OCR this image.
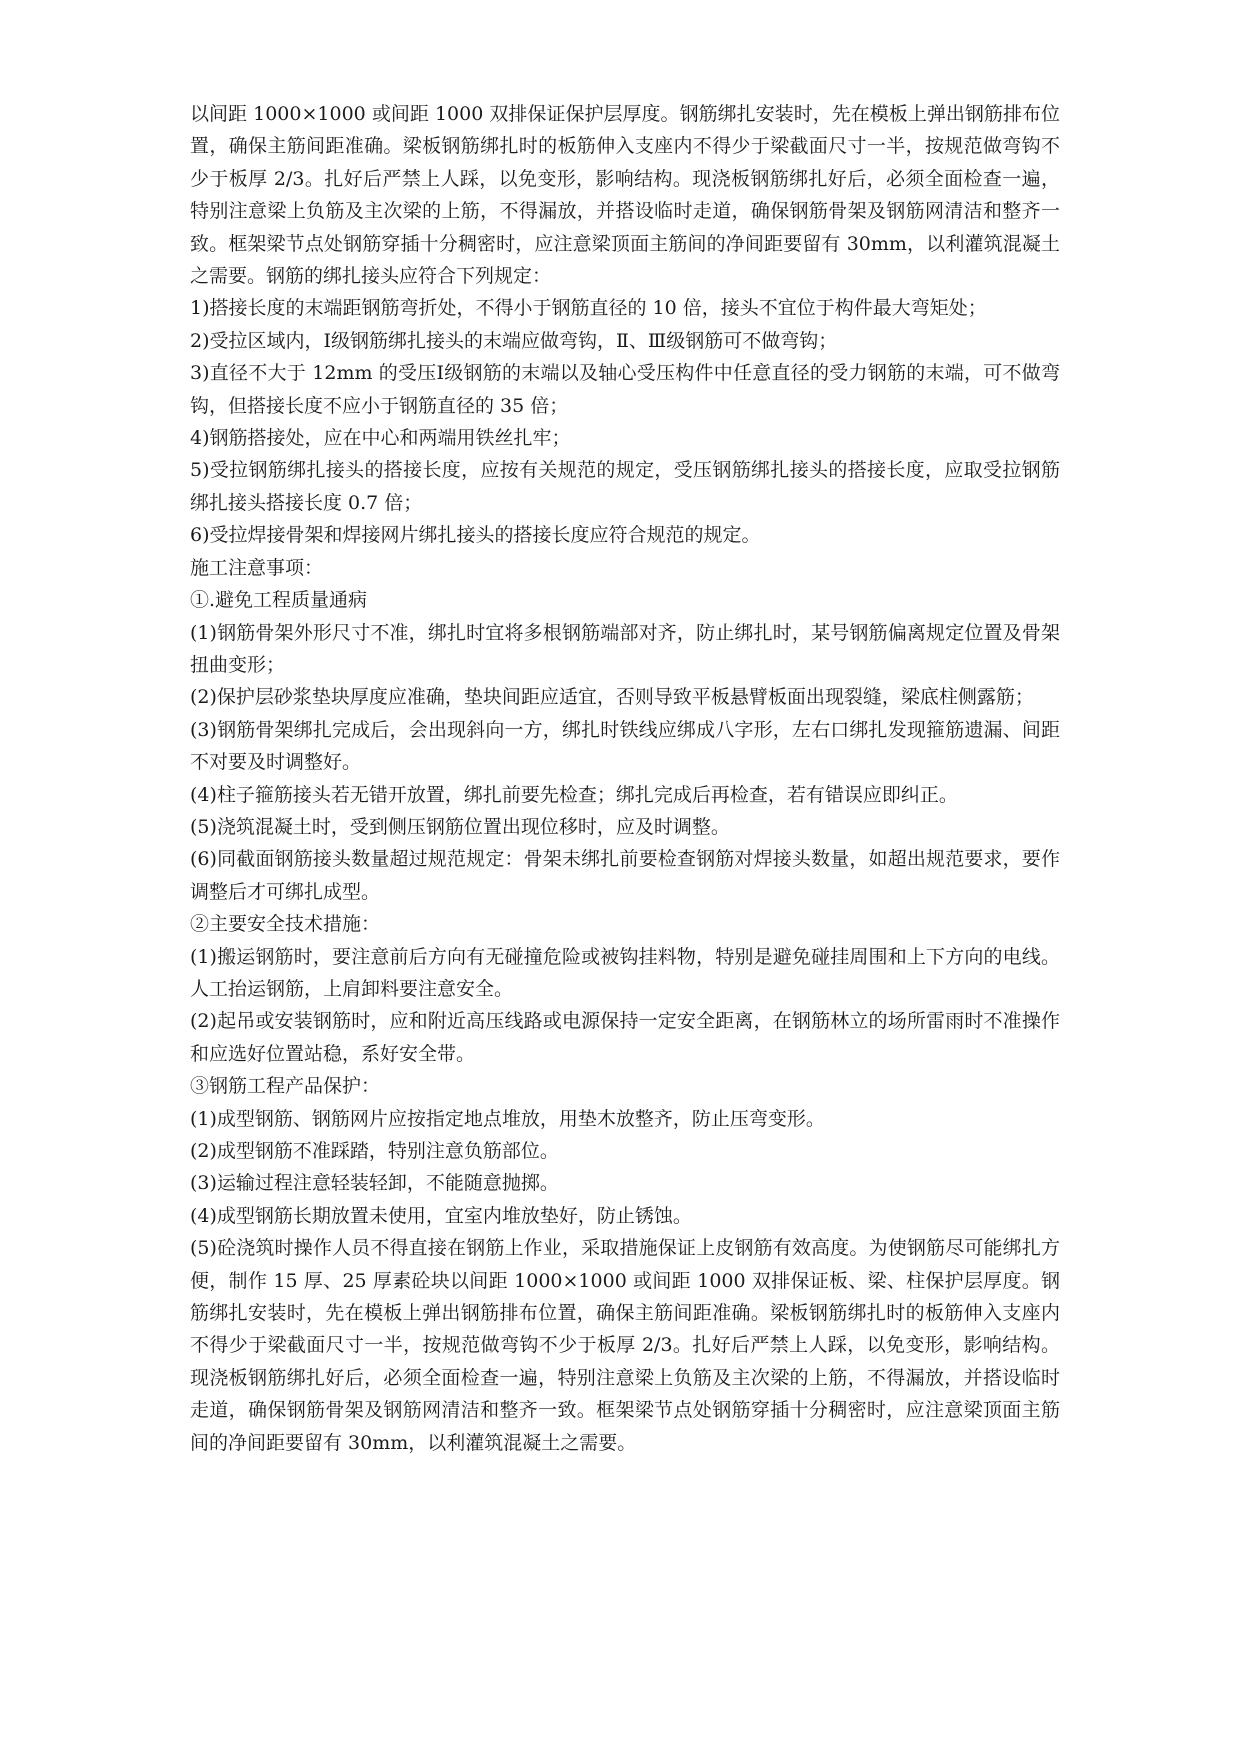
以间距 1000×1000 或间距 1000 双排保证保护层厚度。钢筋绑扎安装时，先在模板上弹出钢筋排布位置，确保主筋间距准确。梁板钢筋绑扎时的板筋伸入支座内不得少于梁截面尺寸一半，按规范做弯钩不少于板厚 2/3。扎好后严禁上人踩，以免变形，影响结构。现浇板钢筋绑扎好后，必须全面检查一遍，特别注意梁上负筋及主次梁的上筋，不得漏放，并搭设临时走道，确保钢筋骨架及钢筋网清洁和整齐一致。框架梁节点处钢筋穿插十分稠密时，应注意梁顶面主筋间的净间距要留有 30mm，以利灌筑混凝土之需要。钢筋的绑扎接头应符合下列规定：

1)搭接长度的末端距钢筋弯折处，不得小于钢筋直径的 10 倍，接头不宜位于构件最大弯矩处；

2)受拉区域内，Ⅰ级钢筋绑扎接头的末端应做弯钩，Ⅱ、Ⅲ级钢筋可不做弯钩；

3)直径不大于 12mm 的受压Ⅰ级钢筋的末端以及轴心受压构件中任意直径的受力钢筋的末端，可不做弯钩，但搭接长度不应小于钢筋直径的 35 倍；

4)钢筋搭接处，应在中心和两端用铁丝扎牢；

5)受拉钢筋绑扎接头的搭接长度，应按有关规范的规定，受压钢筋绑扎接头的搭接长度，应取受拉钢筋绑扎接头搭接长度 0.7 倍；

6)受拉焊接骨架和焊接网片绑扎接头的搭接长度应符合规范的规定。

施工注意事项：

①.避免工程质量通病

(1)钢筋骨架外形尺寸不准，绑扎时宜将多根钢筋端部对齐，防止绑扎时，某号钢筋偏离规定位置及骨架扭曲变形；

(2)保护层砂浆垫块厚度应准确，垫块间距应适宜，否则导致平板悬臂板面出现裂缝，梁底柱侧露筋；

(3)钢筋骨架绑扎完成后，会出现斜向一方，绑扎时铁线应绑成八字形，左右口绑扎发现箍筋遗漏、间距不对要及时调整好。

(4)柱子箍筋接头若无错开放置，绑扎前要先检查；绑扎完成后再检查，若有错误应即纠正。

(5)浇筑混凝土时，受到侧压钢筋位置出现位移时，应及时调整。

(6)同截面钢筋接头数量超过规范规定：骨架未绑扎前要检查钢筋对焊接头数量，如超出规范要求，要作调整后才可绑扎成型。

②主要安全技术措施：

(1)搬运钢筋时，要注意前后方向有无碰撞危险或被钩挂料物，特别是避免碰挂周围和上下方向的电线。人工抬运钢筋，上肩卸料要注意安全。

(2)起吊或安装钢筋时，应和附近高压线路或电源保持一定安全距离，在钢筋林立的场所雷雨时不准操作和应选好位置站稳，系好安全带。

③钢筋工程产品保护：

(1)成型钢筋、钢筋网片应按指定地点堆放，用垫木放整齐，防止压弯变形。

(2)成型钢筋不准踩踏，特别注意负筋部位。

(3)运输过程注意轻装轻卸，不能随意抛掷。

(4)成型钢筋长期放置未使用，宜室内堆放垫好，防止锈蚀。

(5)砼浇筑时操作人员不得直接在钢筋上作业，采取措施保证上皮钢筋有效高度。为使钢筋尽可能绑扎方便，制作 15 厚、25 厚素砼块以间距 1000×1000 或间距 1000 双排保证板、梁、柱保护层厚度。钢筋绑扎安装时，先在模板上弹出钢筋排布位置，确保主筋间距准确。梁板钢筋绑扎时的板筋伸入支座内不得少于梁截面尺寸一半，按规范做弯钩不少于板厚 2/3。扎好后严禁上人踩，以免变形，影响结构。现浇板钢筋绑扎好后，必须全面检查一遍，特别注意梁上负筋及主次梁的上筋，不得漏放，并搭设临时走道，确保钢筋骨架及钢筋网清洁和整齐一致。框架梁节点处钢筋穿插十分稠密时，应注意梁顶面主筋间的净间距要留有 30mm，以利灌筑混凝土之需要。
